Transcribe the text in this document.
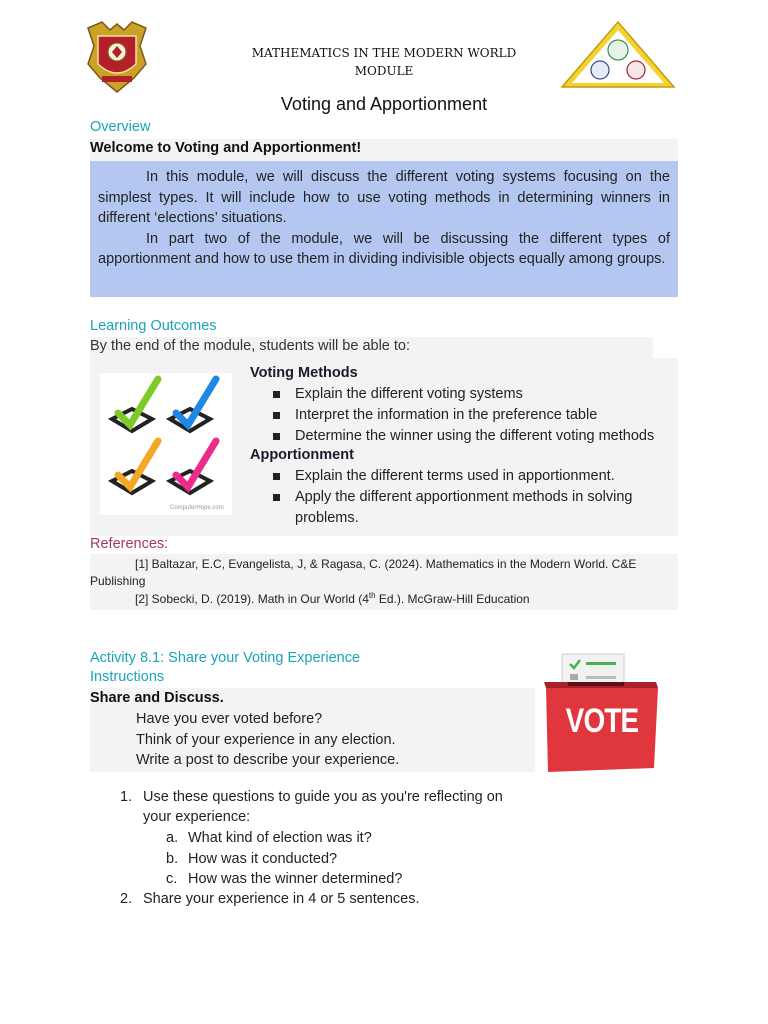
MATHEMATICS IN THE MODERN WORLD
MODULE
Voting and Apportionment
Overview
Welcome to Voting and Apportionment!

In this module, we will discuss the different voting systems focusing on the simplest types. It will include how to use voting methods in determining winners in different ‘elections’ situations.

In part two of the module, we will be discussing the different types of apportionment and how to use them in dividing indivisible objects equally among groups.

Learning Outcomes
By the end of the module, students will be able to:
ComputerHope.com
Voting Methods
Explain the different voting systems
Interpret the information in the preference table
Determine the winner using the different voting methods
Apportionment
Explain the different terms used in apportionment.
Apply the different apportionment methods in solving
problems.
References:
[1] Baltazar, E.C, Evangelista, J, & Ragasa, C. (2024). Mathematics in the Modern World. C&E
Publishing
[2] Sobecki, D. (2019). Math in Our World (4th Ed.). McGraw-Hill Education
Activity 8.1: Share your Voting Experience
Instructions
Share and Discuss.
Have you ever voted before?
Think of your experience in any election.
Write a post to describe your experience.
VOTE
1. Use these questions to guide you as you're reflecting on
your experience:
a. What kind of election was it?
b. How was it conducted?
c. How was the winner determined?
2. Share your experience in 4 or 5 sentences.
